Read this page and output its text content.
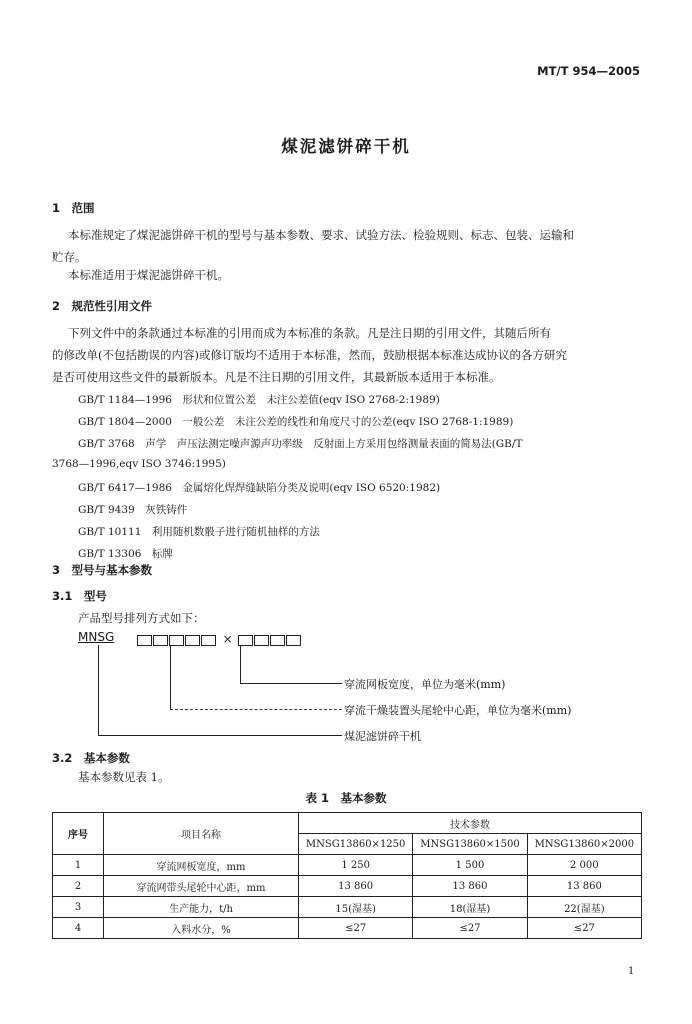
MT/T 954—2005
煤泥滤饼碎干机
1　范围
本标准规定了煤泥滤饼碎干机的型号与基本参数、要求、试验方法、检验规则、标志、包装、运输和
贮存。
本标准适用于煤泥滤饼碎干机。
2　规范性引用文件
下列文件中的条款通过本标准的引用而成为本标准的条款。凡是注日期的引用文件，其随后所有
的修改单(不包括勘误的内容)或修订版均不适用于本标准，然而，鼓励根据本标准达成协议的各方研究
是否可使用这些文件的最新版本。凡是不注日期的引用文件，其最新版本适用于本标准。
GB/T 1184—1996　形状和位置公差　未注公差值(eqv ISO 2768-2:1989)
GB/T 1804—2000　一般公差　未注公差的线性和角度尺寸的公差(eqv ISO 2768-1:1989)
GB/T 3768　声学　声压法测定噪声源声功率级　反射面上方采用包络测量表面的简易法(GB/T
3768—1996,eqv ISO 3746:1995)
GB/T 6417—1986　金属熔化焊焊缝缺陷分类及说明(eqv ISO 6520:1982)
GB/T 9439　灰铁铸件
GB/T 10111　利用随机数骰子进行随机抽样的方法
GB/T 13306　标牌
3　型号与基本参数
3.1　型号
产品型号排列方式如下：
MNSG	×
穿流网板宽度，单位为毫米(mm)
穿流干燥装置头尾轮中心距，单位为毫米(mm)
煤泥滤饼碎干机
3.2　基本参数
基本参数见表 1。
表 1　基本参数
序号	项目名称	技术参数		
		MNSG13860×1250	MNSG13860×1500	MNSG13860×2000
1	穿流网板宽度，mm	1 250	1 500	2 000
2	穿流网带头尾轮中心距，mm	13 860	13 860	13 860
3	生产能力，t/h	15(湿基)	18(湿基)	22(湿基)
4	入料水分，%	≤27	≤27	≤27
1
